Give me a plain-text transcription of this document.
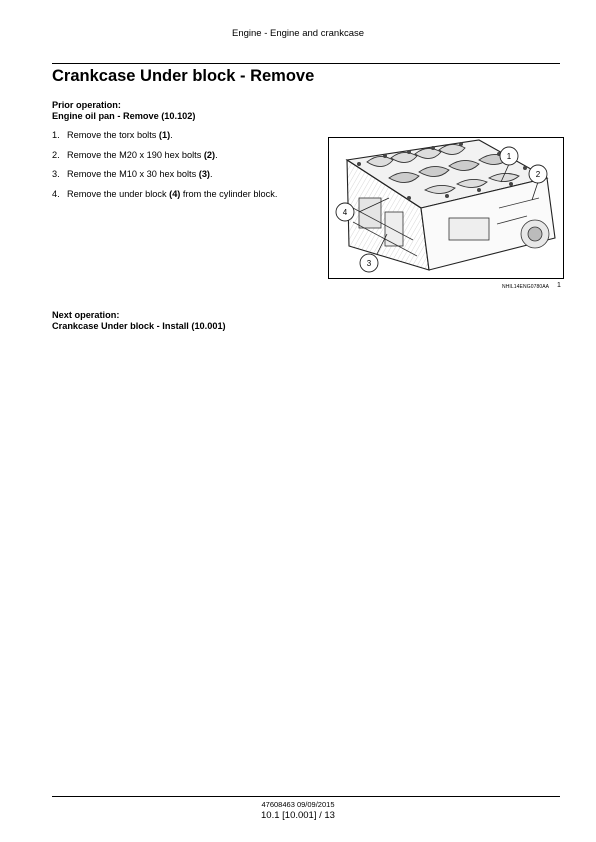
Engine - Engine and crankcase
Crankcase Under block - Remove
Prior operation:
Engine oil pan - Remove (10.102)
1. Remove the torx bolts (1).
2. Remove the M20 x 190 hex bolts (2).
3. Remove the M10 x 30 hex bolts (3).
4. Remove the under block (4) from the cylinder block.
1
2
3
4
NHIL14ENG0780AA 1
Next operation:
Crankcase Under block - Install (10.001)
47608463 09/09/2015
10.1 [10.001] / 13
